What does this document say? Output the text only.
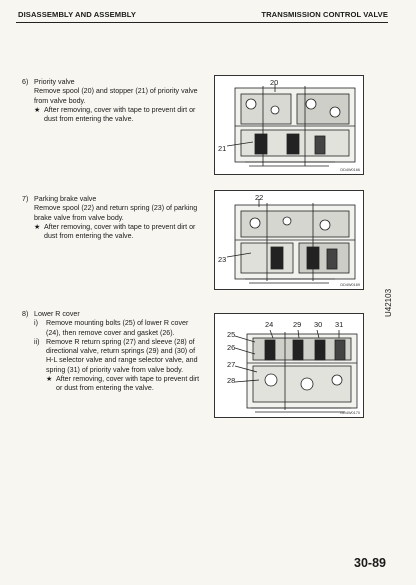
DISASSEMBLY AND ASSEMBLY	TRANSMISSION CONTROL VALVE
6) Priority valve
Remove spool (20) and stopper (21) of priority valve from valve body.
★ After removing, cover with tape to prevent dirt or dust from entering the valve.
20
21
DD4W0166
7) Parking brake valve
Remove spool (22) and return spring (23) of parking brake valve from valve body.
★ After removing, cover with tape to prevent dirt or dust from entering the valve.
22
23
DD4W0169
8) Lower R cover
i)	Remove mounting bolts (25) of lower R cover (24), then remove cover and gasket (26).
ii) Remove R return spring (27) and sleeve (28) of directional valve, return springs (29) and (30) of H-L selector valve and range selector valve, and spring (31) of priority valve from valve body.
★ After removing, cover with tape to prevent dirt or dust from entering the valve.
24	29 30 31
25
26
27
28
DD4W0170
U42103
30-89
